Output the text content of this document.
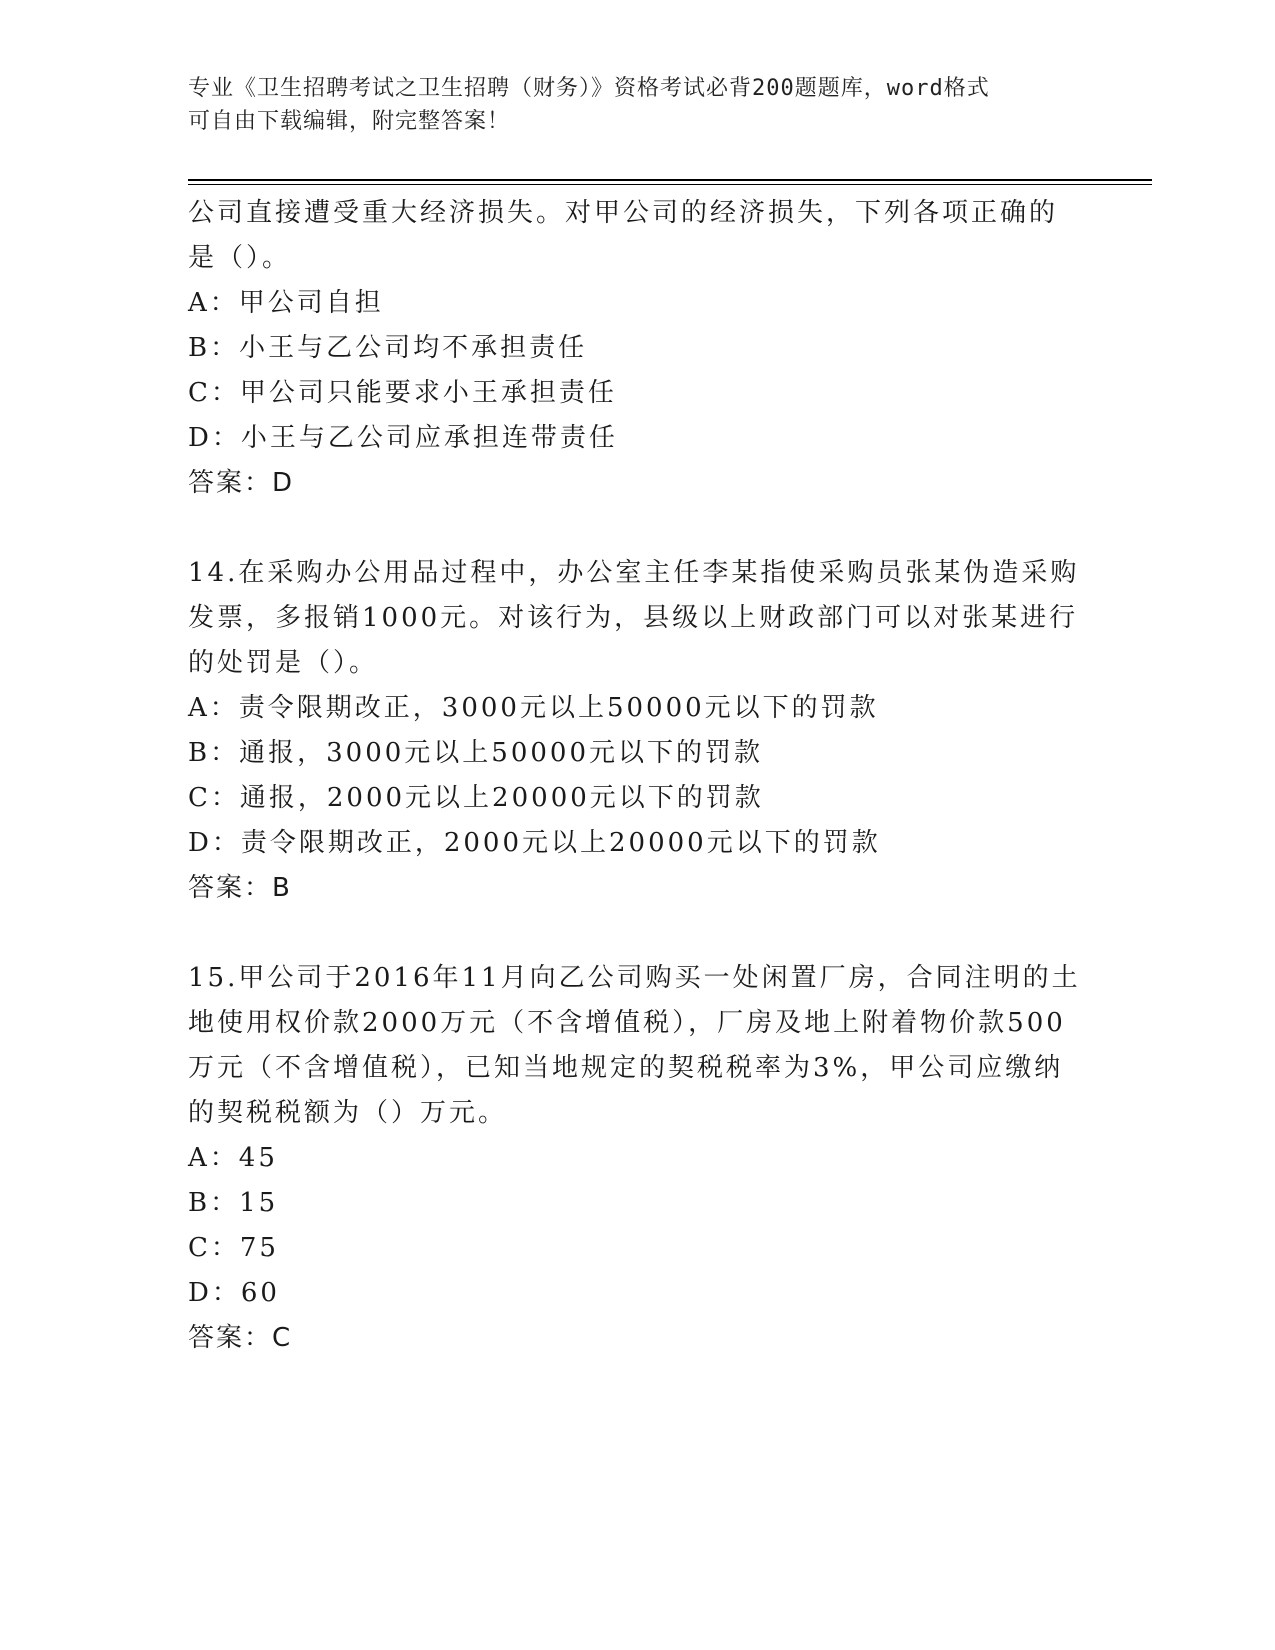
专业《卫生招聘考试之卫生招聘（财务）》资格考试必背200题题库，word格式
可自由下载编辑，附完整答案！
公司直接遭受重大经济损失。对甲公司的经济损失，下列各项正确的
是（）。
A：甲公司自担
B：小王与乙公司均不承担责任
C：甲公司只能要求小王承担责任
D：小王与乙公司应承担连带责任
答案：D
14.在采购办公用品过程中，办公室主任李某指使采购员张某伪造采购
发票，多报销1000元。对该行为，县级以上财政部门可以对张某进行
的处罚是（）。
A：责令限期改正，3000元以上50000元以下的罚款
B：通报，3000元以上50000元以下的罚款
C：通报，2000元以上20000元以下的罚款
D：责令限期改正，2000元以上20000元以下的罚款
答案：B
15.甲公司于2016年11月向乙公司购买一处闲置厂房，合同注明的土
地使用权价款2000万元（不含增值税），厂房及地上附着物价款500
万元（不含增值税），已知当地规定的契税税率为3%，甲公司应缴纳
的契税税额为（）万元。
A：45
B：15
C：75
D：60
答案：C
